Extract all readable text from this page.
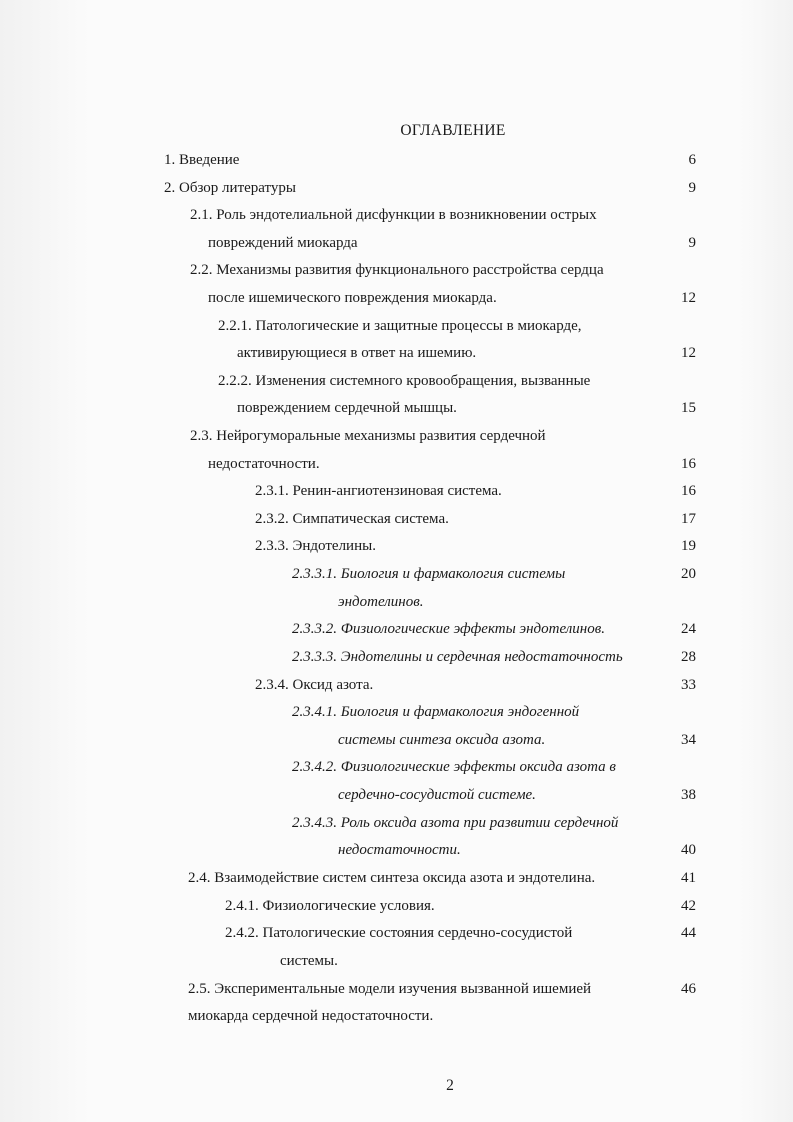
ОГЛАВЛЕНИЕ
1. Введение	6
2. Обзор литературы	9
2.1. Роль эндотелиальной дисфункции в возникновении острых
повреждений миокарда	9
2.2. Механизмы развития функционального расстройства сердца
после ишемического повреждения миокарда.	12
2.2.1. Патологические и защитные процессы в миокарде,
активирующиеся в ответ на ишемию.	12
2.2.2. Изменения системного кровообращения, вызванные
повреждением сердечной мышцы.	15
2.3. Нейрогуморальные механизмы развития сердечной
недостаточности.	16
2.3.1. Ренин-ангиотензиновая система.	16
2.3.2. Симпатическая система.	17
2.3.3. Эндотелины.	19
2.3.3.1. Биология и фармакология системы	20
эндотелинов.
2.3.3.2. Физиологические эффекты эндотелинов.	24
2.3.3.3. Эндотелины и сердечная недостаточность	28
2.3.4. Оксид азота.	33
2.3.4.1. Биология и фармакология эндогенной
системы синтеза оксида азота.	34
2.3.4.2. Физиологические эффекты оксида азота в
сердечно-сосудистой системе.	38
2.3.4.3. Роль оксида азота при развитии сердечной
недостаточности.	40
2.4. Взаимодействие систем синтеза оксида азота и эндотелина.	41
2.4.1. Физиологические условия.	42
2.4.2. Патологические состояния сердечно-сосудистой	44
системы.
2.5. Экспериментальные модели изучения вызванной ишемией	46
миокарда сердечной недостаточности.
2
